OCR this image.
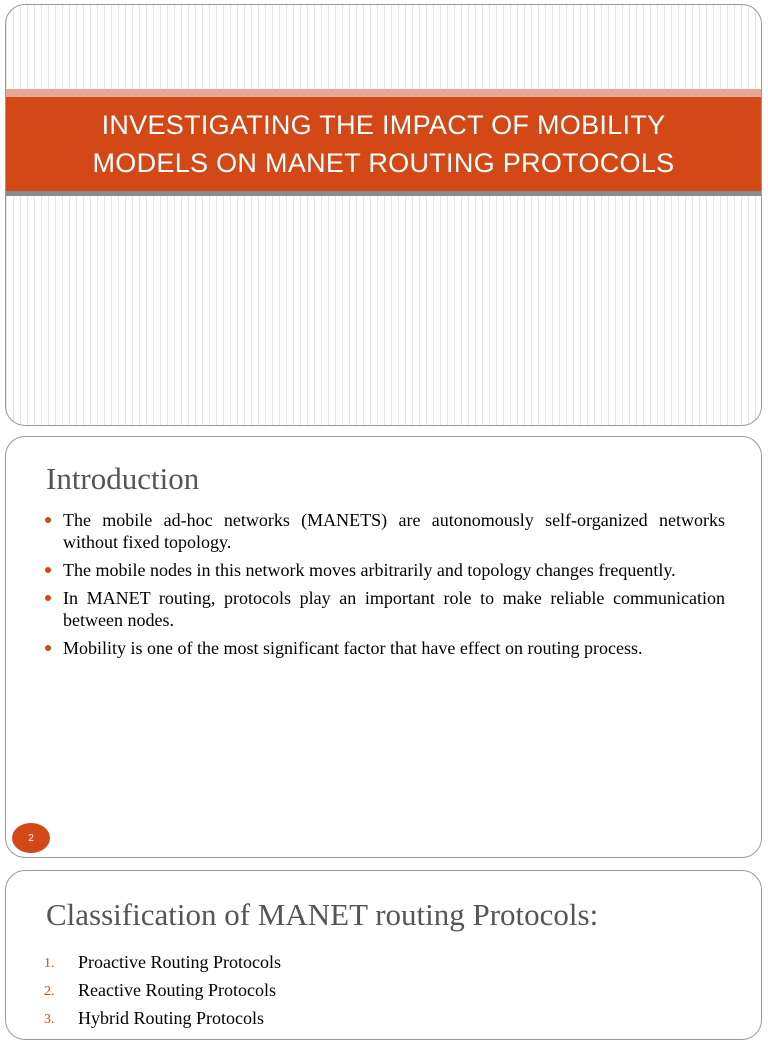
INVESTIGATING THE IMPACT OF MOBILITY
MODELS ON MANET ROUTING PROTOCOLS
Introduction
The mobile ad-hoc networks (MANETS) are autonomously self-organized networks without fixed topology.
The mobile nodes in this network moves arbitrarily and topology changes frequently.
In MANET routing, protocols play an important role to make reliable communication between nodes.
Mobility is one of the most significant factor that have effect on routing process.
2
Classification of MANET routing Protocols:
1. Proactive Routing Protocols
2. Reactive Routing Protocols
3. Hybrid Routing Protocols
